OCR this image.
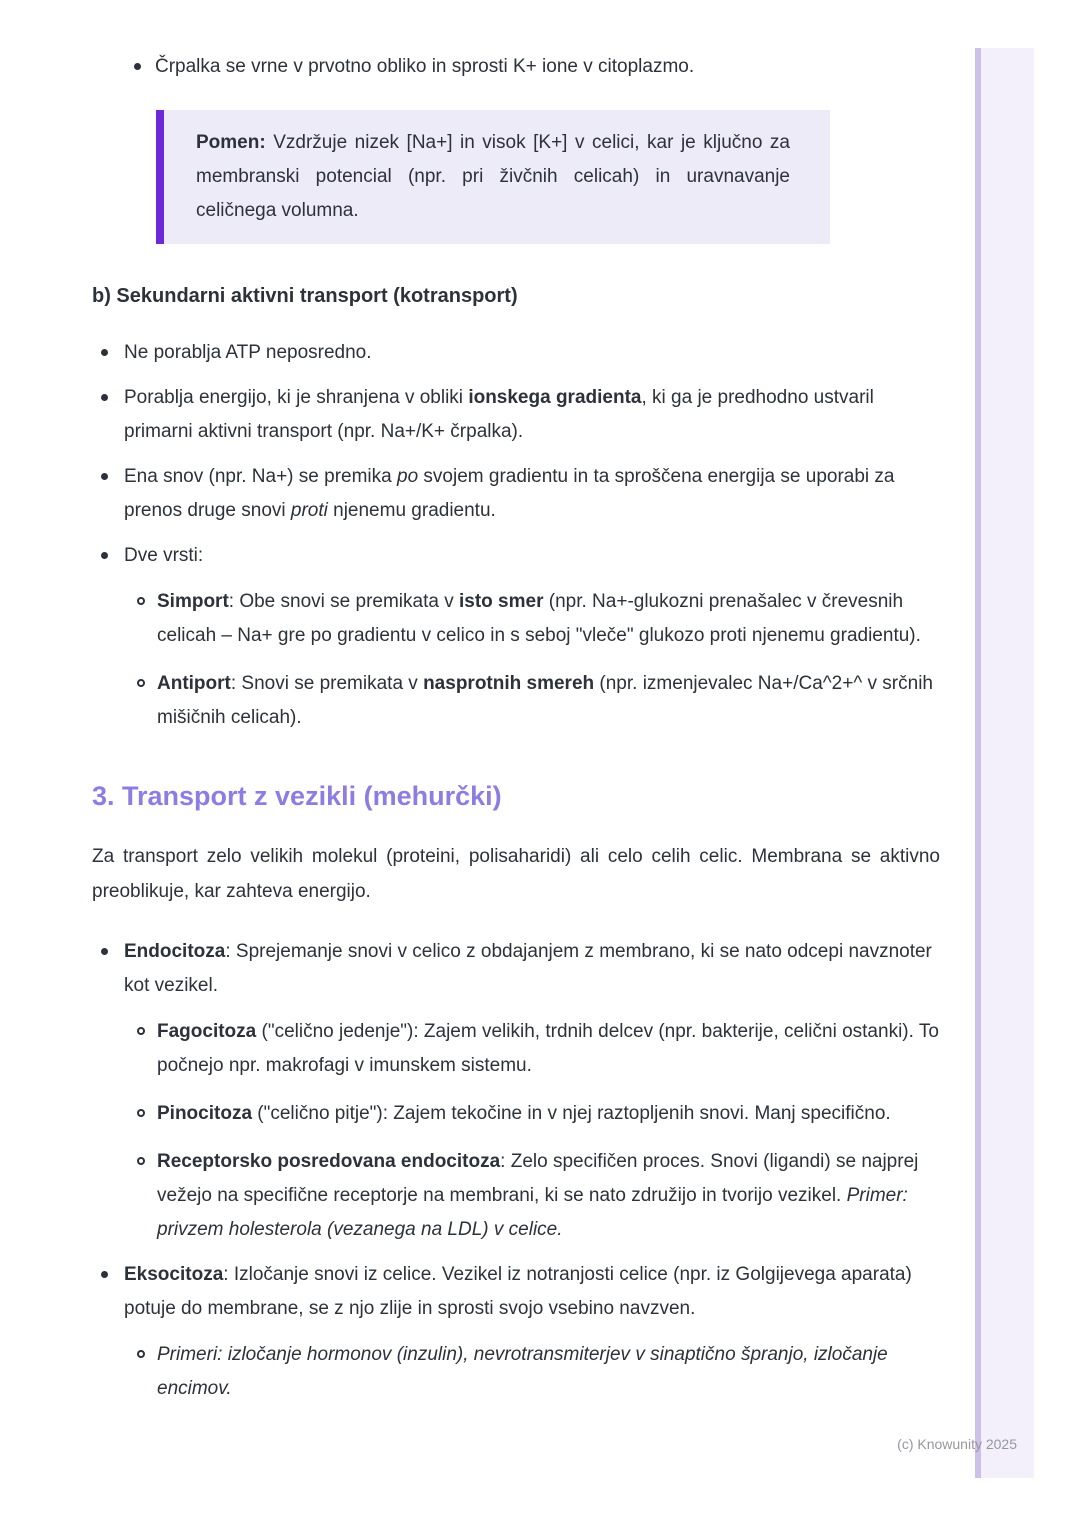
Črpalka se vrne v prvotno obliko in sprosti K+ ione v citoplazmo.

Pomen: Vzdržuje nizek [Na+] in visok [K+] v celici, kar je ključno za membranski potencial (npr. pri živčnih celicah) in uravnavanje celičnega volumna.

b) Sekundarni aktivni transport (kotransport)
Ne porablja ATP neposredno.
Porablja energijo, ki je shranjena v obliki ionskega gradienta, ki ga je predhodno ustvaril primarni aktivni transport (npr. Na+/K+ črpalka).
Ena snov (npr. Na+) se premika po svojem gradientu in ta sproščena energija se uporabi za prenos druge snovi proti njenemu gradientu.
Dve vrsti:
Simport: Obe snovi se premikata v isto smer (npr. Na+-glukozni prenašalec v črevesnih celicah – Na+ gre po gradientu v celico in s seboj "vleče" glukozo proti njenemu gradientu).
Antiport: Snovi se premikata v nasprotnih smereh (npr. izmenjevalec Na+/Ca^2+^ v srčnih mišičnih celicah).
3. Transport z vezikli (mehurčki)

Za transport zelo velikih molekul (proteini, polisaharidi) ali celo celih celic. Membrana se aktivno preoblikuje, kar zahteva energijo.

Endocitoza: Sprejemanje snovi v celico z obdajanjem z membrano, ki se nato odcepi navznoter kot vezikel.
Fagocitoza ("celično jedenje"): Zajem velikih, trdnih delcev (npr. bakterije, celični ostanki). To počnejo npr. makrofagi v imunskem sistemu.
Pinocitoza ("celično pitje"): Zajem tekočine in v njej raztopljenih snovi. Manj specifično.
Receptorsko posredovana endocitoza: Zelo specifičen proces. Snovi (ligandi) se najprej vežejo na specifične receptorje na membrani, ki se nato združijo in tvorijo vezikel. Primer: privzem holesterola (vezanega na LDL) v celice.
Eksocitoza: Izločanje snovi iz celice. Vezikel iz notranjosti celice (npr. iz Golgijevega aparata) potuje do membrane, se z njo zlije in sprosti svojo vsebino navzven.
Primeri: izločanje hormonov (inzulin), nevrotransmiterjev v sinaptično špranjo, izločanje encimov.
(c) Knowunity 2025
